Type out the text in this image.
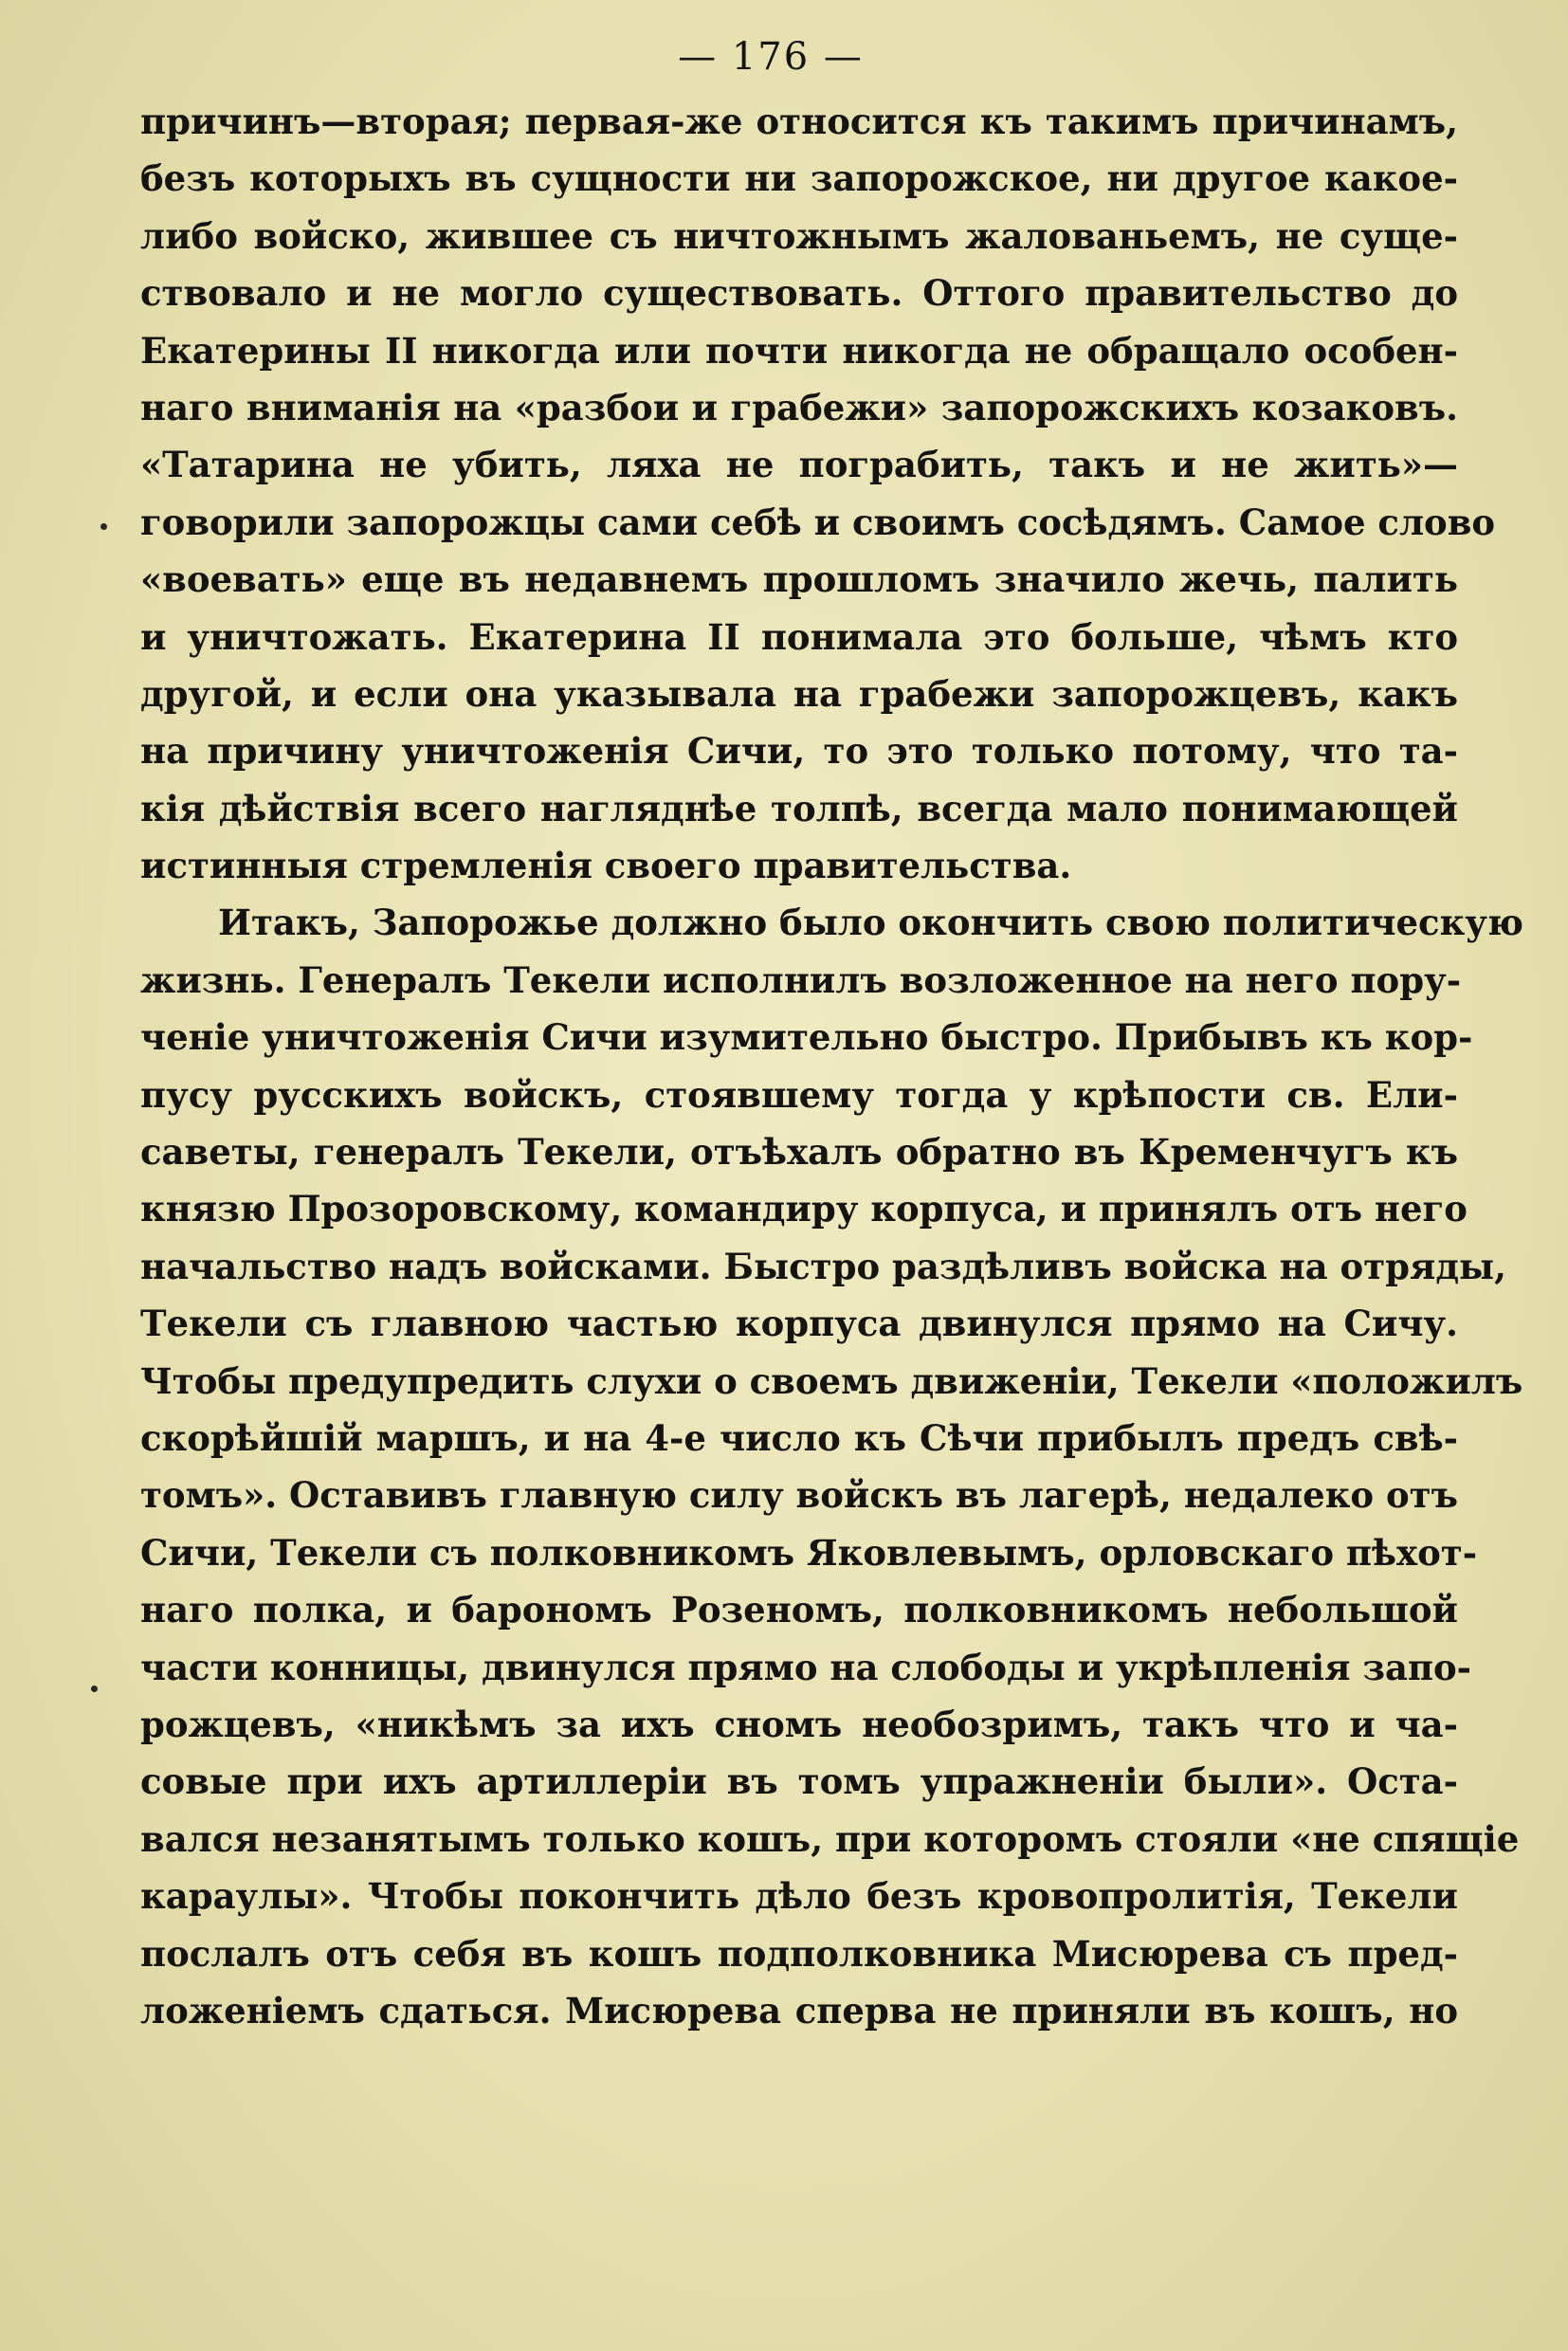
— 176 —
причинъ—вторая; первая-же относится къ такимъ причинамъ,
безъ которыхъ въ сущности ни запорожское, ни другое какое-
либо войско, жившее съ ничтожнымъ жалованьемъ, не суще-
ствовало и не могло существовать. Оттого правительство до
Екатерины II никогда или почти никогда не обращало особен-
наго вниманія на «разбои и грабежи» запорожскихъ козаковъ.
«Татарина не убить, ляха не пограбить, такъ и не жить»—
говорили запорожцы сами себѣ и своимъ сосѣдямъ. Самое слово
«воевать» еще въ недавнемъ прошломъ значило жечь, палить
и уничтожать. Екатерина II понимала это больше, чѣмъ кто
другой, и если она указывала на грабежи запорожцевъ, какъ
на причину уничтоженія Сичи, то это только потому, что та-
кія дѣйствія всего нагляднѣе толпѣ, всегда мало понимающей
истинныя стремленія своего правительства.
Итакъ, Запорожье должно было окончить свою политическую
жизнь. Генералъ Текели исполнилъ возложенное на него пору-
ченіе уничтоженія Сичи изумительно быстро. Прибывъ къ кор-
пусу русскихъ войскъ, стоявшему тогда у крѣпости св. Ели-
саветы, генералъ Текели, отъѣхалъ обратно въ Кременчугъ къ
князю Прозоровскому, командиру корпуса, и принялъ отъ него
начальство надъ войсками. Быстро раздѣливъ войска на отряды,
Текели съ главною частью корпуса двинулся прямо на Сичу.
Чтобы предупредить слухи о своемъ движеніи, Текели «положилъ
скорѣйшій маршъ, и на 4-е число къ Сѣчи прибылъ предъ свѣ-
томъ». Оставивъ главную силу войскъ въ лагерѣ, недалеко отъ
Сичи, Текели съ полковникомъ Яковлевымъ, орловскаго пѣхот-
наго полка, и барономъ Розеномъ, полковникомъ небольшой
части конницы, двинулся прямо на слободы и укрѣпленія запо-
рожцевъ, «никѣмъ за ихъ сномъ необозримъ, такъ что и ча-
совые при ихъ артиллеріи въ томъ упражненіи были». Оста-
вался незанятымъ только кошъ, при которомъ стояли «не спящіе
караулы». Чтобы покончить дѣло безъ кровопролитія, Текели
послалъ отъ себя въ кошъ подполковника Мисюрева съ пред-
ложеніемъ сдаться. Мисюрева сперва не приняли въ кошъ, но
